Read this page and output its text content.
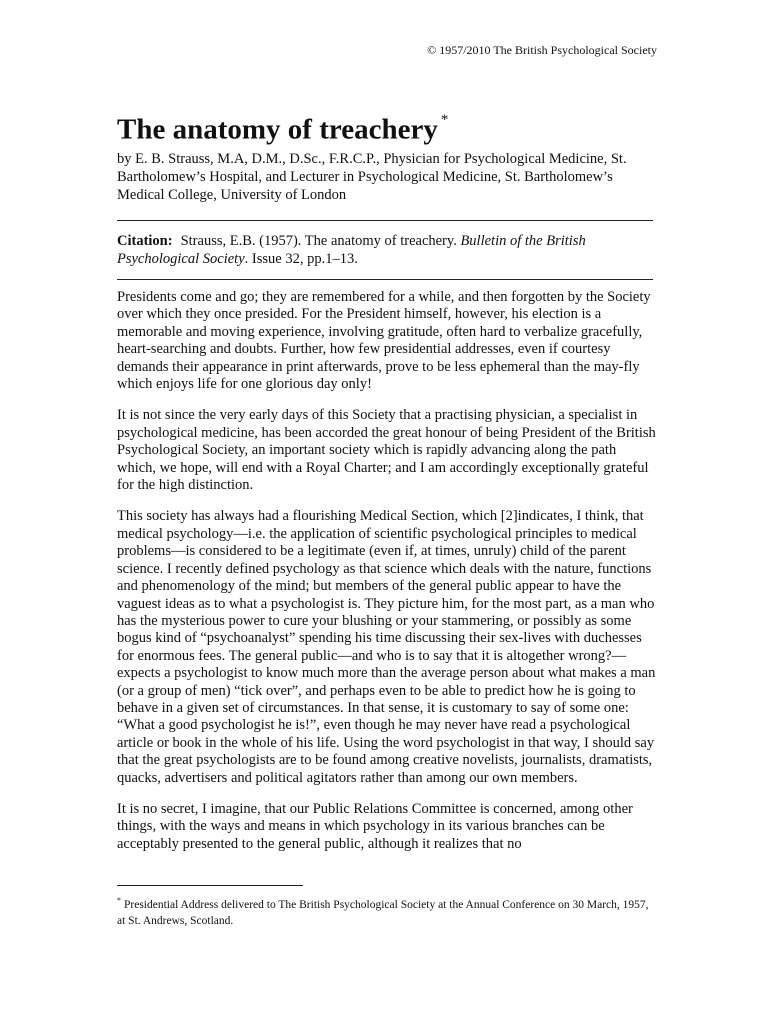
© 1957/2010 The British Psychological Society
The anatomy of treachery *

by E. B. Strauss, M.A, D.M., D.Sc., F.R.C.P., Physician for Psychological Medicine, St. Bartholomew’s Hospital, and Lecturer in Psychological Medicine, St. Bartholomew’s Medical College, University of London

Citation: Strauss, E.B. (1957). The anatomy of treachery. Bulletin of the British Psychological Society. Issue 32, pp.1–13.

Presidents come and go; they are remembered for a while, and then forgotten by the Society over which they once presided. For the President himself, however, his election is a memorable and moving experience, involving gratitude, often hard to verbalize gracefully, heart-searching and doubts. Further, how few presidential addresses, even if courtesy demands their appearance in print afterwards, prove to be less ephemeral than the may-fly which enjoys life for one glorious day only!

It is not since the very early days of this Society that a practising physician, a specialist in psychological medicine, has been accorded the great honour of being President of the British Psychological Society, an important society which is rapidly advancing along the path which, we hope, will end with a Royal Charter; and I am accordingly exceptionally grateful for the high distinction.

This society has always had a flourishing Medical Section, which [2]indicates, I think, that medical psychology—i.e. the application of scientific psychological principles to medical problems—is considered to be a legitimate (even if, at times, unruly) child of the parent science. I recently defined psychology as that science which deals with the nature, functions and phenomenology of the mind; but members of the general public appear to have the vaguest ideas as to what a psychologist is. They picture him, for the most part, as a man who has the mysterious power to cure your blushing or your stammering, or possibly as some bogus kind of “psychoanalyst” spending his time discussing their sex-lives with duchesses for enormous fees. The general public—and who is to say that it is altogether wrong?—expects a psychologist to know much more than the average person about what makes a man (or a group of men) “tick over”, and perhaps even to be able to predict how he is going to behave in a given set of circumstances. In that sense, it is customary to say of some one: “What a good psychologist he is!”, even though he may never have read a psychological article or book in the whole of his life. Using the word psychologist in that way, I should say that the great psychologists are to be found among creative novelists, journalists, dramatists, quacks, advertisers and political agitators rather than among our own members.

It is no secret, I imagine, that our Public Relations Committee is concerned, among other things, with the ways and means in which psychology in its various branches can be acceptably presented to the general public, although it realizes that no

* Presidential Address delivered to The British Psychological Society at the Annual Conference on 30 March, 1957, at St. Andrews, Scotland.
